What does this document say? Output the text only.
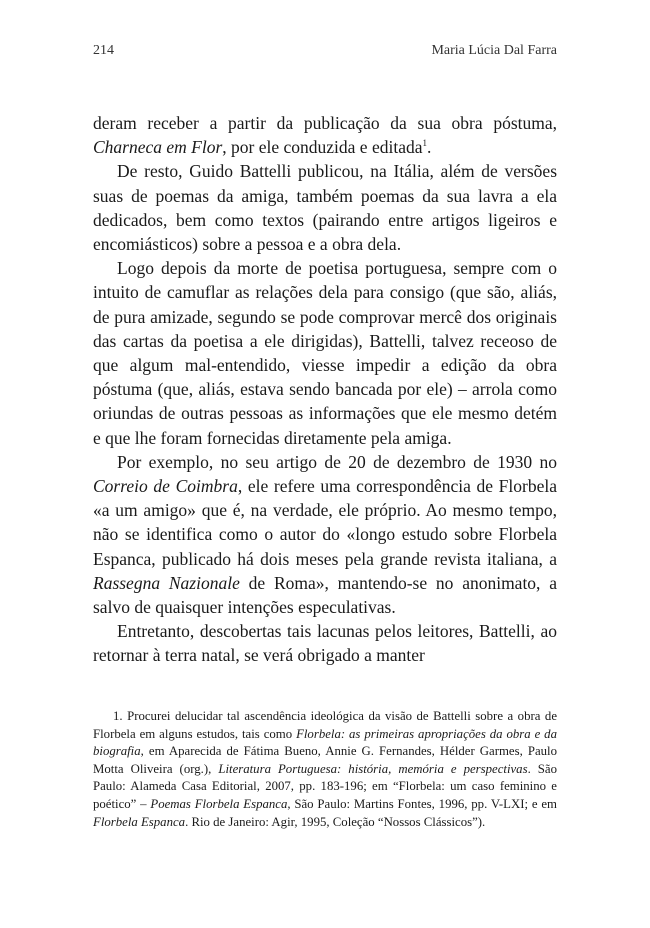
214	Maria Lúcia Dal Farra

deram receber a partir da publicação da sua obra póstuma, Charneca em Flor, por ele conduzida e editada$^1$.

De resto, Guido Battelli publicou, na Itália, além de versões suas de poemas da amiga, também poemas da sua lavra a ela dedicados, bem como textos (pairando entre artigos ligeiros e encomiásticos) sobre a pessoa e a obra dela.

Logo depois da morte de poetisa portuguesa, sempre com o intuito de camuflar as relações dela para consigo (que são, aliás, de pura amizade, segundo se pode comprovar mercê dos originais das cartas da poetisa a ele dirigidas), Battelli, talvez receoso de que algum mal-entendido, viesse impedir a edição da obra póstuma (que, aliás, estava sendo bancada por ele) – arrola como oriundas de outras pessoas as informações que ele mesmo detém e que lhe foram fornecidas diretamente pela amiga.

Por exemplo, no seu artigo de 20 de dezembro de 1930 no Correio de Coimbra, ele refere uma correspondência de Florbela «a um amigo» que é, na verdade, ele próprio. Ao mesmo tempo, não se identifica como o autor do «longo estudo sobre Florbela Espanca, publicado há dois meses pela grande revista italiana, a Rassegna Nazionale de Roma», mantendo-se no anonimato, a salvo de quaisquer intenções especulativas.

Entretanto, descobertas tais lacunas pelos leitores, Battelli, ao retornar à terra natal, se verá obrigado a manter

1. Procurei delucidar tal ascendência ideológica da visão de Battelli sobre a obra de Florbela em alguns estudos, tais como Florbela: as primeiras apropriações da obra e da biografia, em Aparecida de Fátima Bueno, Annie G. Fernandes, Hélder Garmes, Paulo Motta Oliveira (org.), Literatura Portuguesa: história, memória e perspectivas. São Paulo: Alameda Casa Editorial, 2007, pp. 183-196; em “Florbela: um caso feminino e poético” – Poemas Florbela Espanca, São Paulo: Martins Fontes, 1996, pp. V-LXI; e em Florbela Espanca. Rio de Janeiro: Agir, 1995, Coleção “Nossos Clássicos”).
